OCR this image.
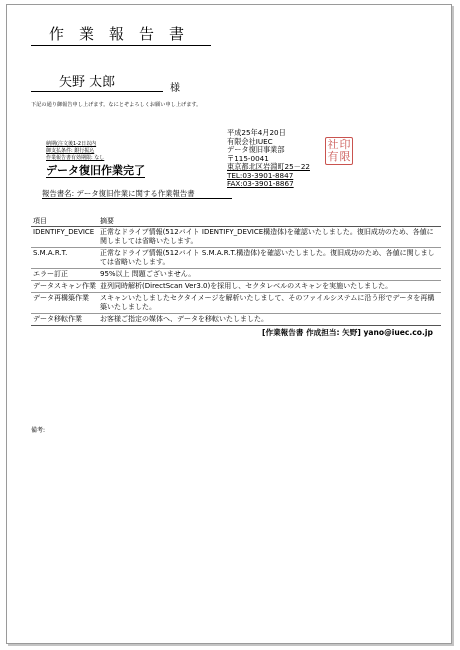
作業報告書
矢野 太郎	様
下記の通り御報告申し上げます。なにとぞよろしくお願い申し上げます。
納期(注文後1-2日以内
御支払条件: 銀行振込
作業報告書有効期限: なし
データ復旧作業完了
平成25年4月20日
有限会社IUEC
データ復旧事業部
〒115-0041
東京都北区岩淵町25－22
TEL:03-3901-8847
FAX:03-3901-8867
社 印
有 限
報告書名: データ復旧作業に関する作業報告書
項目	摘要
IDENTIFY_DEVICE	正常なドライブ情報(512バイト IDENTIFY_DEVICE構造体)を確認いたしました。復旧成功のため、各値に関しましては省略いたします。
S.M.A.R.T.	正常なドライブ情報(512バイト S.M.A.R.T.構造体)を確認いたしました。復旧成功のため、各値に関しましては省略いたします。
エラー訂正	95%以上 問題ございません。
データスキャン作業	並列同時解析(DirectScan Ver3.0)を採用し、セクタレベルのスキャンを実施いたしました。
データ再構築作業	スキャンいたしましたセクタイメージを解析いたしまして、そのファイルシステムに沿う形でデータを再構築いたしました。
データ移転作業	お客様ご指定の媒体へ、データを移転いたしました。
[作業報告書 作成担当: 矢野] yano@iuec.co.jp
備考:
